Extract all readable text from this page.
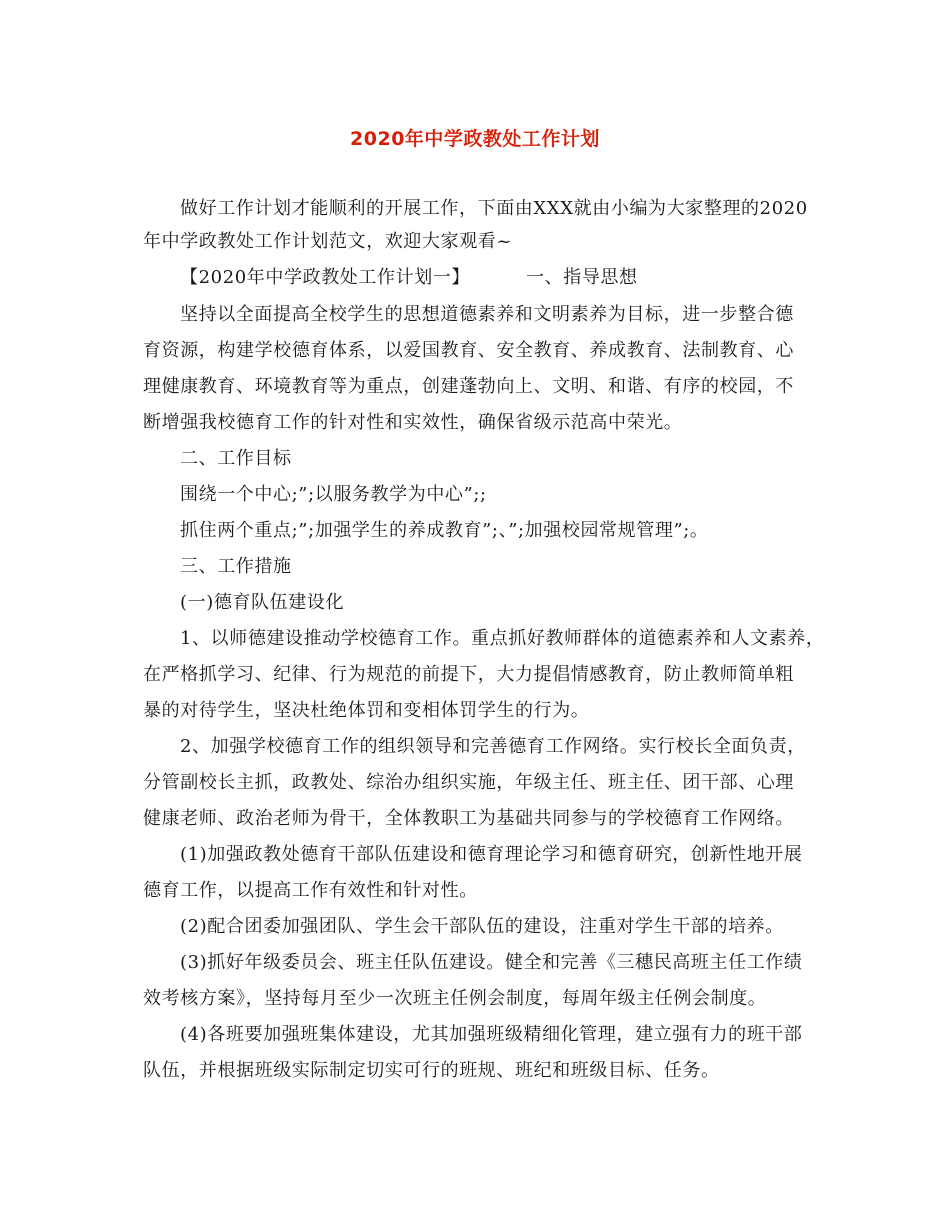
2020年中学政教处工作计划
做好工作计划才能顺利的开展工作，下面由XXX就由小编为大家整理的2020
年中学政教处工作计划范文，欢迎大家观看~
【2020年中学政教处工作计划一】	一、指导思想
坚持以全面提高全校学生的思想道德素养和文明素养为目标，进一步整合德
育资源，构建学校德育体系，以爱国教育、安全教育、养成教育、法制教育、心
理健康教育、环境教育等为重点，创建蓬勃向上、文明、和谐、有序的校园，不
断增强我校德育工作的针对性和实效性，确保省级示范高中荣光。
二、工作目标
围绕一个中心;”;以服务教学为中心”;;
抓住两个重点;”;加强学生的养成教育”;、”;加强校园常规管理”;。
三、工作措施
(一)德育队伍建设化
1、以师德建设推动学校德育工作。重点抓好教师群体的道德素养和人文素养，
在严格抓学习、纪律、行为规范的前提下，大力提倡情感教育，防止教师简单粗
暴的对待学生，坚决杜绝体罚和变相体罚学生的行为。
2、加强学校德育工作的组织领导和完善德育工作网络。实行校长全面负责，
分管副校长主抓，政教处、综治办组织实施，年级主任、班主任、团干部、心理
健康老师、政治老师为骨干，全体教职工为基础共同参与的学校德育工作网络。
(1)加强政教处德育干部队伍建设和德育理论学习和德育研究，创新性地开展
德育工作，以提高工作有效性和针对性。
(2)配合团委加强团队、学生会干部队伍的建设，注重对学生干部的培养。
(3)抓好年级委员会、班主任队伍建设。健全和完善《三穗民高班主任工作绩
效考核方案》，坚持每月至少一次班主任例会制度，每周年级主任例会制度。
(4)各班要加强班集体建设，尤其加强班级精细化管理，建立强有力的班干部
队伍，并根据班级实际制定切实可行的班规、班纪和班级目标、任务。
